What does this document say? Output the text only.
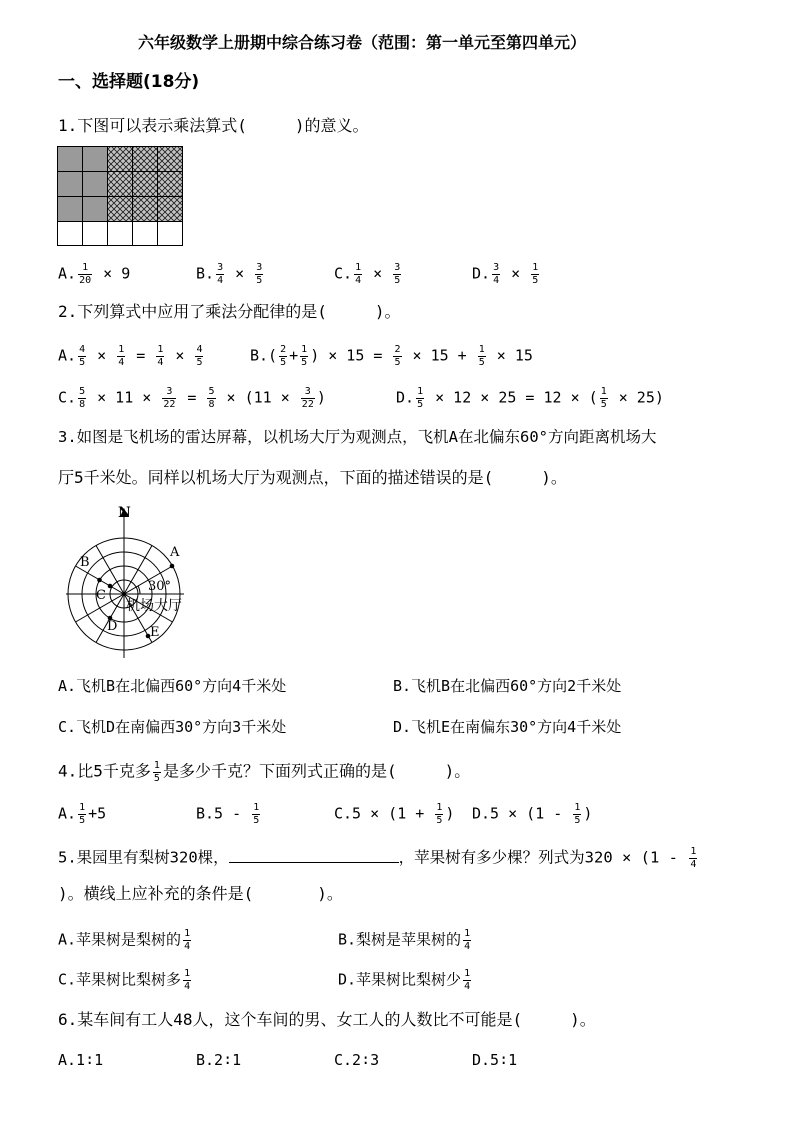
六年级数学上册期中综合练习卷（范围：第一单元至第四单元）
一、选择题(18分)
1.下图可以表示乘法算式(　　　)的意义。
A. $\frac{1}{20} \times 9$	B. $\frac{3}{4} \times \frac{3}{5}$	C. $\frac{1}{4} \times \frac{3}{5}$	D. $\frac{3}{4} \times \frac{1}{5}$
2.下列算式中应用了乘法分配律的是(　　　)。
A. $\frac{4}{5} \times \frac{1}{4} = \frac{1}{4} \times \frac{4}{5}$	$B.( \frac{2}{5} + \frac{1}{5}$ ) × $15 = \frac{2}{5} \times 15 + \frac{1}{5} \times 15$
C. $\frac{5}{8} \times 11 \times \frac{3}{22} = \frac{5}{8} \times (11 \times \frac{3}{22}$ )	D. $\frac{1}{5} \times 12 \times 25 = 12$ × ( $\frac{1}{5} \times 25$)
3.如图是飞机场的雷达屏幕，以机场大厅为观测点，飞机A在北偏东60°方向距离机场大
厅5千米处。同样以机场大厅为观测点，下面的描述错误的是(　　　)。
N
A
B
C
D	E
30°
机场大厅
A.飞机B在北偏西60°方向4千米处	B.飞机B在北偏西60°方向2千米处
C.飞机D在南偏西30°方向3千米处	D.飞机E在南偏东30°方向4千米处
4.比5千克多 $\frac{1}{5}$ 是多少千克？下面列式正确的是(　　　)。
A. $\frac{1}{5} +5$	$B.5 - \frac{1}{5}$	$C.5 \times (1 + \frac{1}{5}$ ) $D.5 \times (1 - \frac{1}{5}$ )
5.果园里有梨树320棵，	，苹果树有多少棵？列式为$320 \times (1 - \frac{1}{4}$
)。横线上应补充的条件是(　　　　)。
A.苹果树是梨树的 $\frac{1}{4}$	B.梨树是苹果树的 $\frac{1}{4}$
C.苹果树比梨树多 $\frac{1}{4}$	D.苹果树比梨树少 $\frac{1}{4}$
6.某车间有工人48人，这个车间的男、女工人的人数比不可能是(　　　)。
A.1∶1	B.2∶1	C.2∶3	D.5∶1
